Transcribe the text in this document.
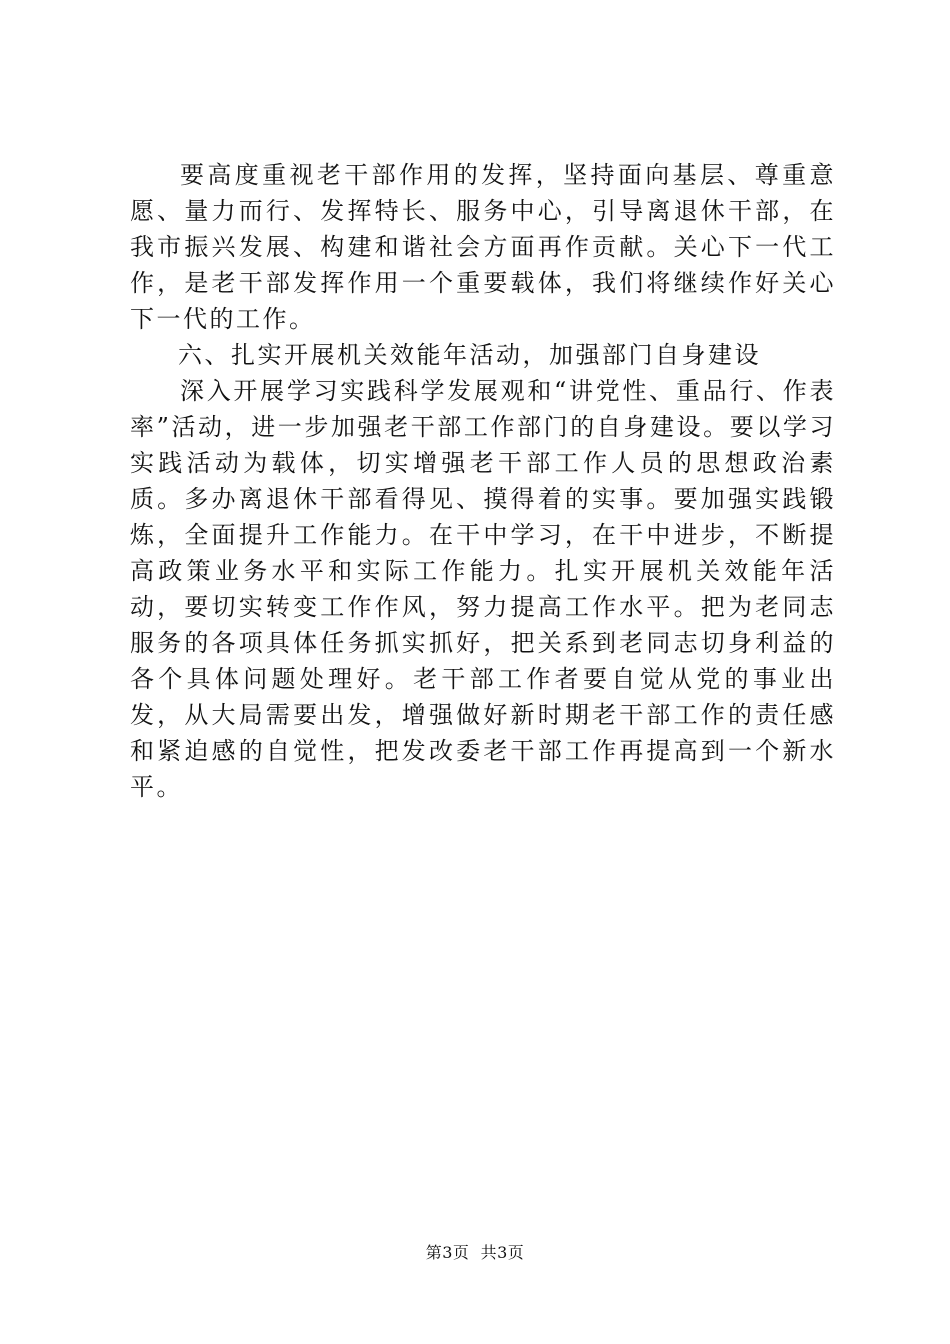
要高度重视老干部作用的发挥，坚持面向基层、尊重意愿、量力而行、发挥特长、服务中心，引导离退休干部，在我市振兴发展、构建和谐社会方面再作贡献。关心下一代工作，是老干部发挥作用一个重要载体，我们将继续作好关心下一代的工作。

六、扎实开展机关效能年活动，加强部门自身建设

深入开展学习实践科学发展观和“讲党性、重品行、作表率”活动，进一步加强老干部工作部门的自身建设。要以学习实践活动为载体，切实增强老干部工作人员的思想政治素质。多办离退休干部看得见、摸得着的实事。要加强实践锻炼，全面提升工作能力。在干中学习，在干中进步，不断提高政策业务水平和实际工作能力。扎实开展机关效能年活动，要切实转变工作作风，努力提高工作水平。把为老同志服务的各项具体任务抓实抓好，把关系到老同志切身利益的各个具体问题处理好。老干部工作者要自觉从党的事业出发，从大局需要出发，增强做好新时期老干部工作的责任感和紧迫感的自觉性，把发改委老干部工作再提高到一个新水平。

第3页  共3页
